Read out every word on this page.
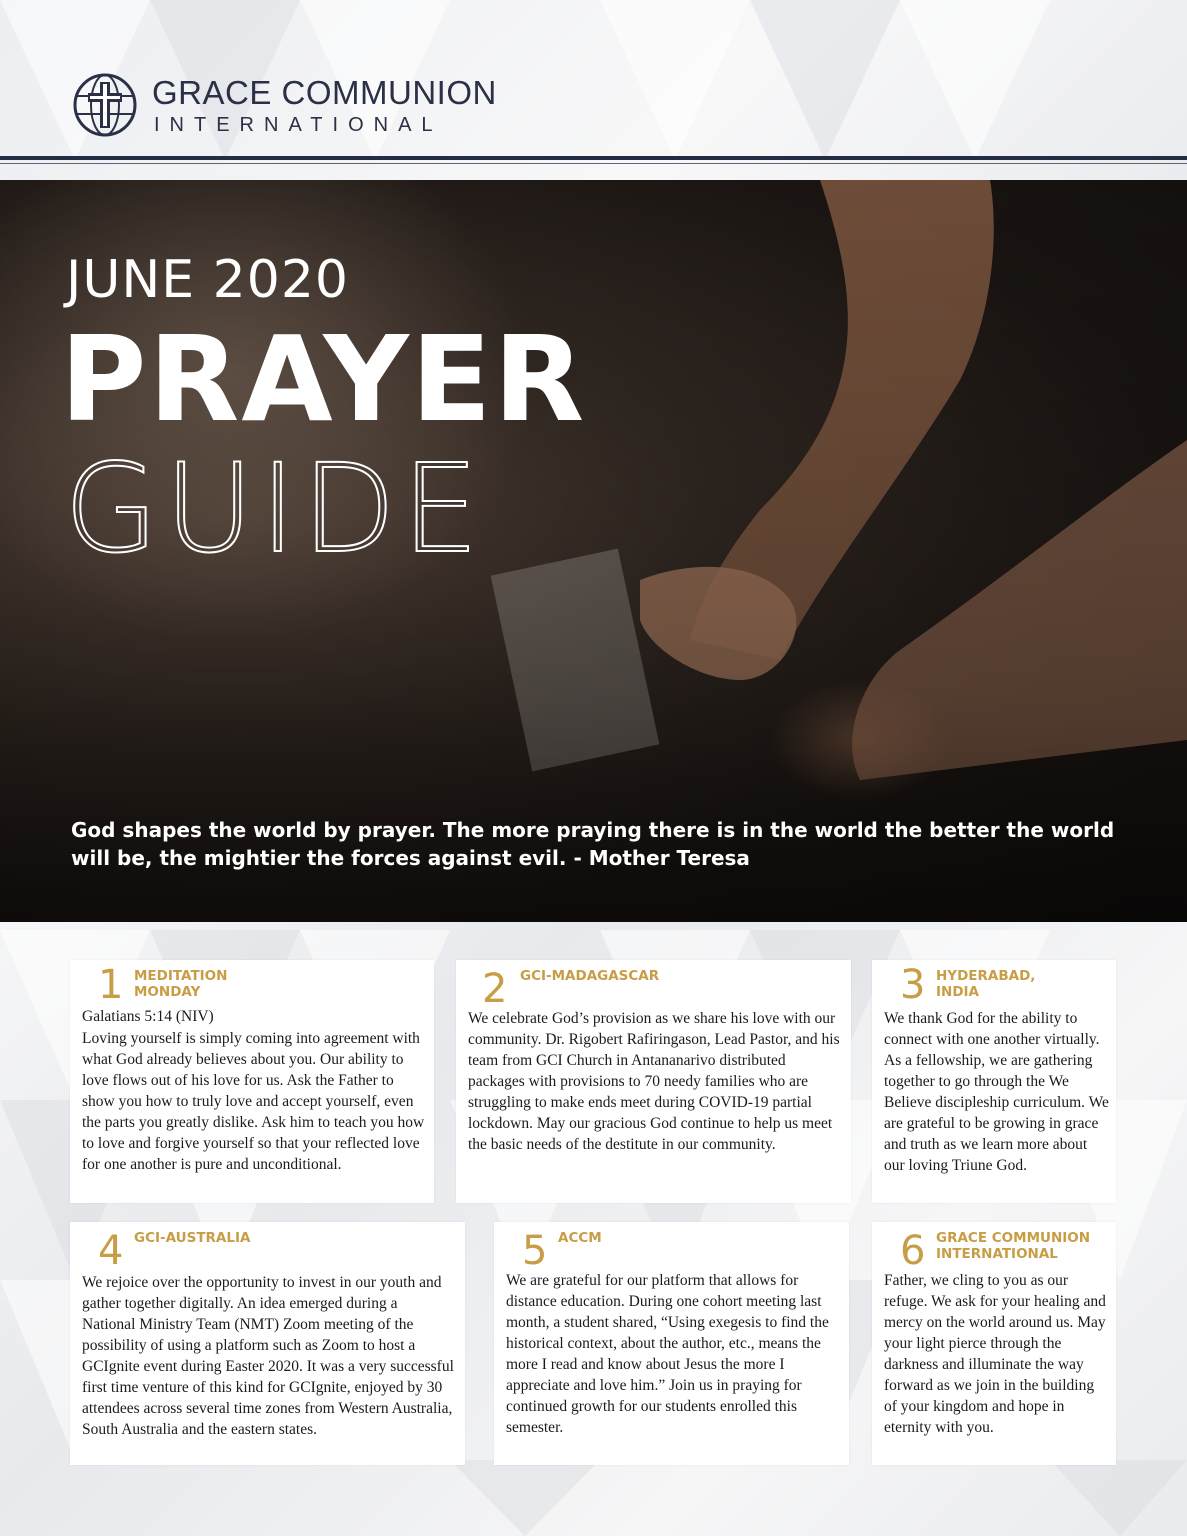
GRACE COMMUNION
INTERNATIONAL
JUNE 2020
PRAYER
GUIDE
God shapes the world by prayer. The more praying there is in the world the better the world will be, the mightier the forces against evil. - Mother Teresa
1 MEDITATION MONDAY
Galatians 5:14 (NIV)
Loving yourself is simply coming into agreement with what God already believes about you. Our ability to love flows out of his love for us. Ask the Father to show you how to truly love and accept yourself, even the parts you greatly dislike. Ask him to teach you how to love and forgive yourself so that your reflected love for one another is pure and unconditional.
2 GCI-MADAGASCAR
We celebrate God’s provision as we share his love with our community. Dr. Rigobert Rafiringason, Lead Pastor, and his team from GCI Church in Antananarivo distributed packages with provisions to 70 needy families who are struggling to make ends meet during COVID-19 partial lockdown. May our gracious God continue to help us meet the basic needs of the destitute in our community.
3 HYDERABAD, INDIA
We thank God for the ability to connect with one another virtually. As a fellowship, we are gathering together to go through the We Believe discipleship curriculum. We are grateful to be growing in grace and truth as we learn more about our loving Triune God.
4 GCI-AUSTRALIA
We rejoice over the opportunity to invest in our youth and gather together digitally. An idea emerged during a National Ministry Team (NMT) Zoom meeting of the possibility of using a platform such as Zoom to host a GCIgnite event during Easter 2020. It was a very successful first time venture of this kind for GCIgnite, enjoyed by 30 attendees across several time zones from Western Australia, South Australia and the eastern states.
5 ACCM
We are grateful for our platform that allows for distance education. During one cohort meeting last month, a student shared, “Using exegesis to find the historical context, about the author, etc., means the more I read and know about Jesus the more I appreciate and love him.” Join us in praying for continued growth for our students enrolled this semester.
6 GRACE COMMUNION INTERNATIONAL
Father, we cling to you as our refuge. We ask for your healing and mercy on the world around us. May your light pierce through the darkness and illuminate the way forward as we join in the building of your kingdom and hope in eternity with you.
